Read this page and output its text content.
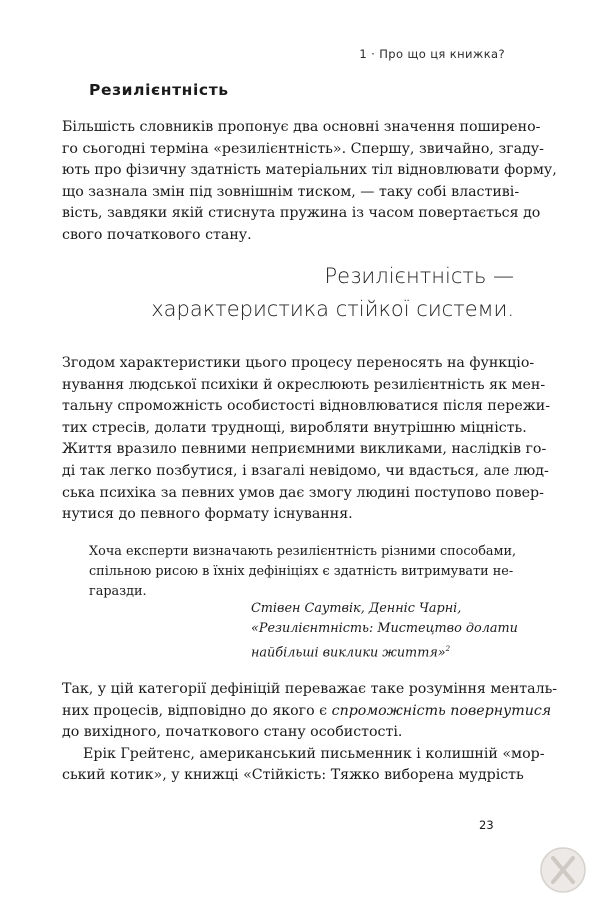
1 · Про що ця книжка?
Резилієнтність

Більшість словників пропонує два основні значення поширено-
го сьогодні терміна «резилієнтність». Спершу, звичайно, згаду-
ють про фізичну здатність матеріальних тіл відновлювати форму,
що зазнала змін під зовнішнім тиском, — таку собі властиві-
вість, завдяки якій стиснута пружина із часом повертається до
свого початкового стану.

Резилієнтність —
характеристика стійкої системи.

Згодом характеристики цього процесу переносять на функціо-
нування людської психіки й окреслюють резилієнтність як мен-
тальну спроможність особистості відновлюватися після пережи-
тих стресів, долати труднощі, виробляти внутрішню міцність.
Життя вразило певними неприємними викликами, наслідків го-
ді так легко позбутися, і взагалі невідомо, чи вдасться, але люд-
ська психіка за певних умов дає змогу людині поступово повер-
нутися до певного формату існування.

Хоча експерти визначають резилієнтність різними способами,
спільною рисою в їхніх дефініціях є здатність витримувати не-
гаразди.

Стівен Саутвік, Денніс Чарні,
«Резилієнтність: Мистецтво долати
найбільші виклики життя»$^2$

Так, у цій категорії дефініцій переважає таке розуміння менталь-
них процесів, відповідно до якого є спроможність повернутися
до вихідного, початкового стану особистості.
Ерік Грейтенс, американський письменник і колишній «мор-
ський котик», у книжці «Стійкість: Тяжко виборена мудрість

23
